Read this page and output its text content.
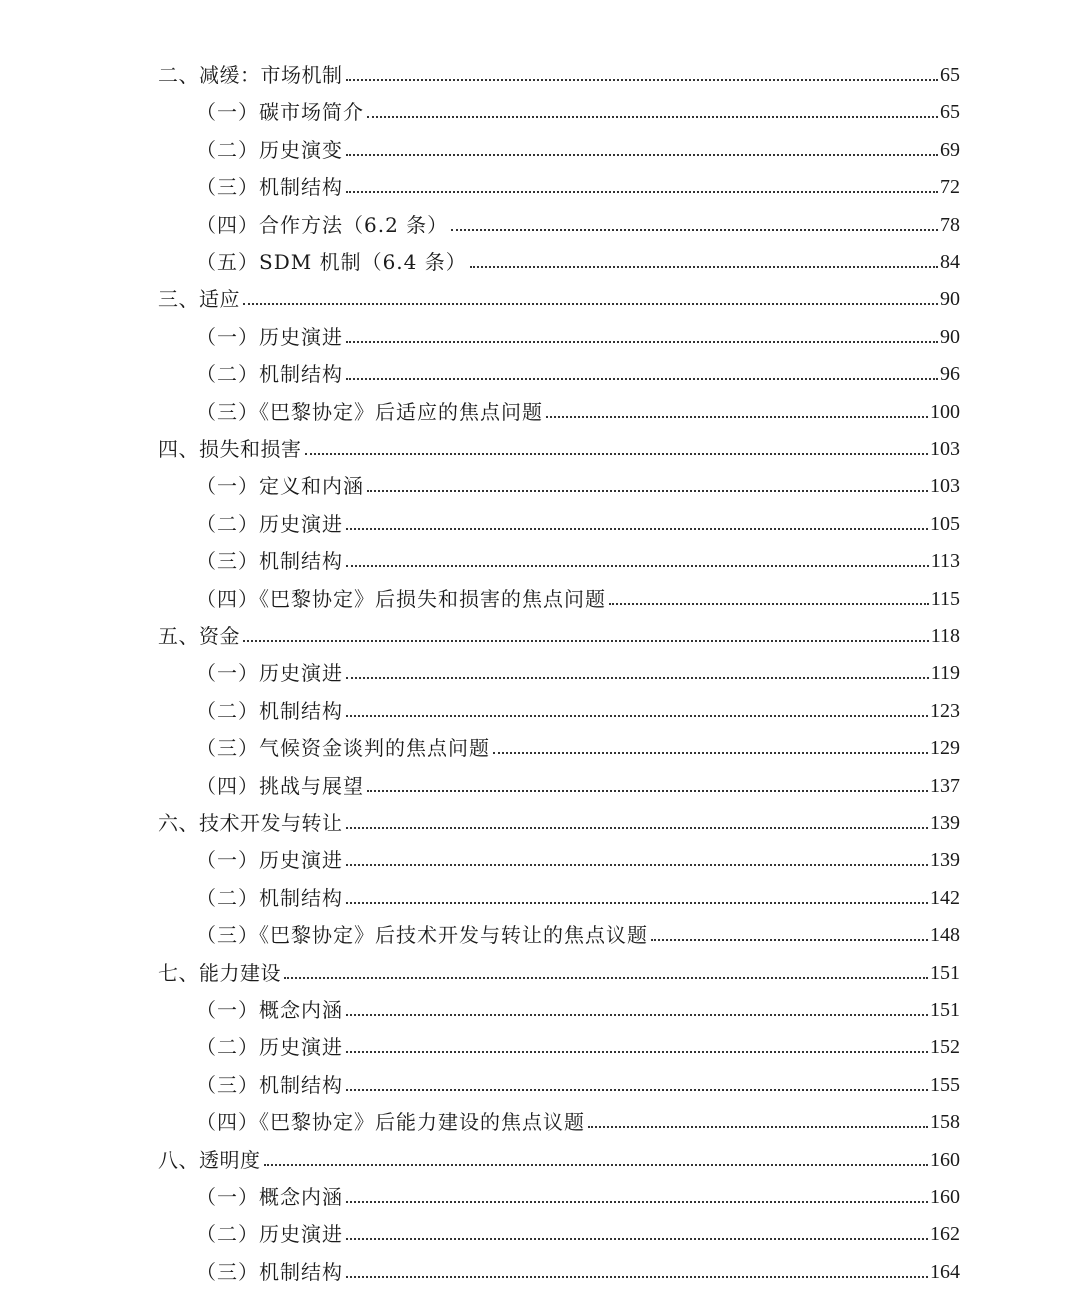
二、减缓：市场机制	65
（一）碳市场简介	65
（二）历史演变	69
（三）机制结构	72
（四）合作方法（6.2 条）	78
（五）SDM 机制（6.4 条）	84
三、适应	90
（一）历史演进	90
（二）机制结构	96
（三）《巴黎协定》后适应的焦点问题	100
四、损失和损害	103
（一）定义和内涵	103
（二）历史演进	105
（三）机制结构	113
（四）《巴黎协定》后损失和损害的焦点问题	115
五、资金	118
（一）历史演进	119
（二）机制结构	123
（三）气候资金谈判的焦点问题	129
（四）挑战与展望	137
六、技术开发与转让	139
（一）历史演进	139
（二）机制结构	142
（三）《巴黎协定》后技术开发与转让的焦点议题	148
七、能力建设	151
（一）概念内涵	151
（二）历史演进	152
（三）机制结构	155
（四）《巴黎协定》后能力建设的焦点议题	158
八、透明度	160
（一）概念内涵	160
（二）历史演进	162
（三）机制结构	164
